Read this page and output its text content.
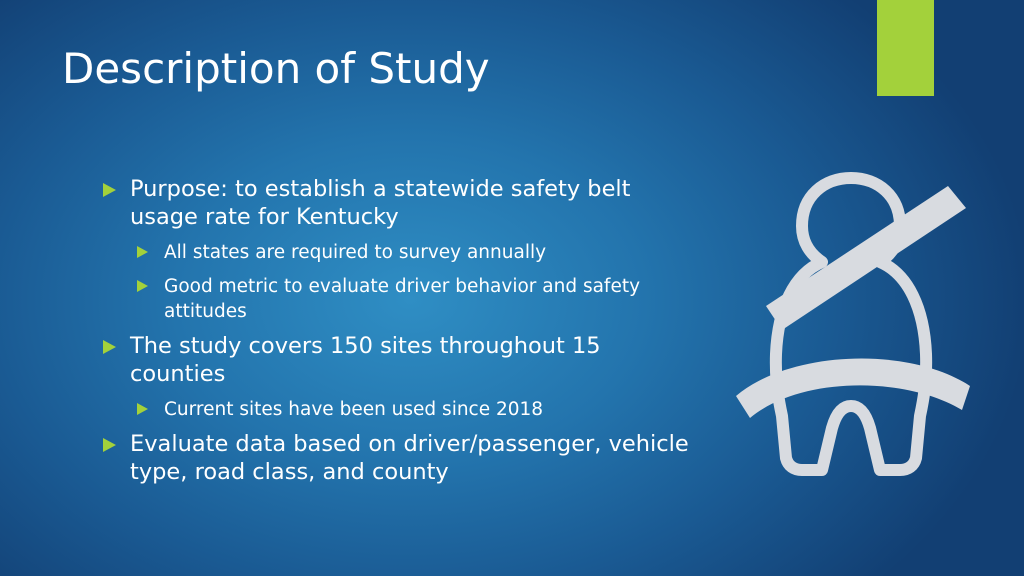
Description of Study
Purpose: to establish a statewide safety belt usage rate for Kentucky
All states are required to survey annually
Good metric to evaluate driver behavior and safety attitudes
The study covers 150 sites throughout 15 counties
Current sites have been used since 2018
Evaluate data based on driver/passenger, vehicle type, road class, and county
